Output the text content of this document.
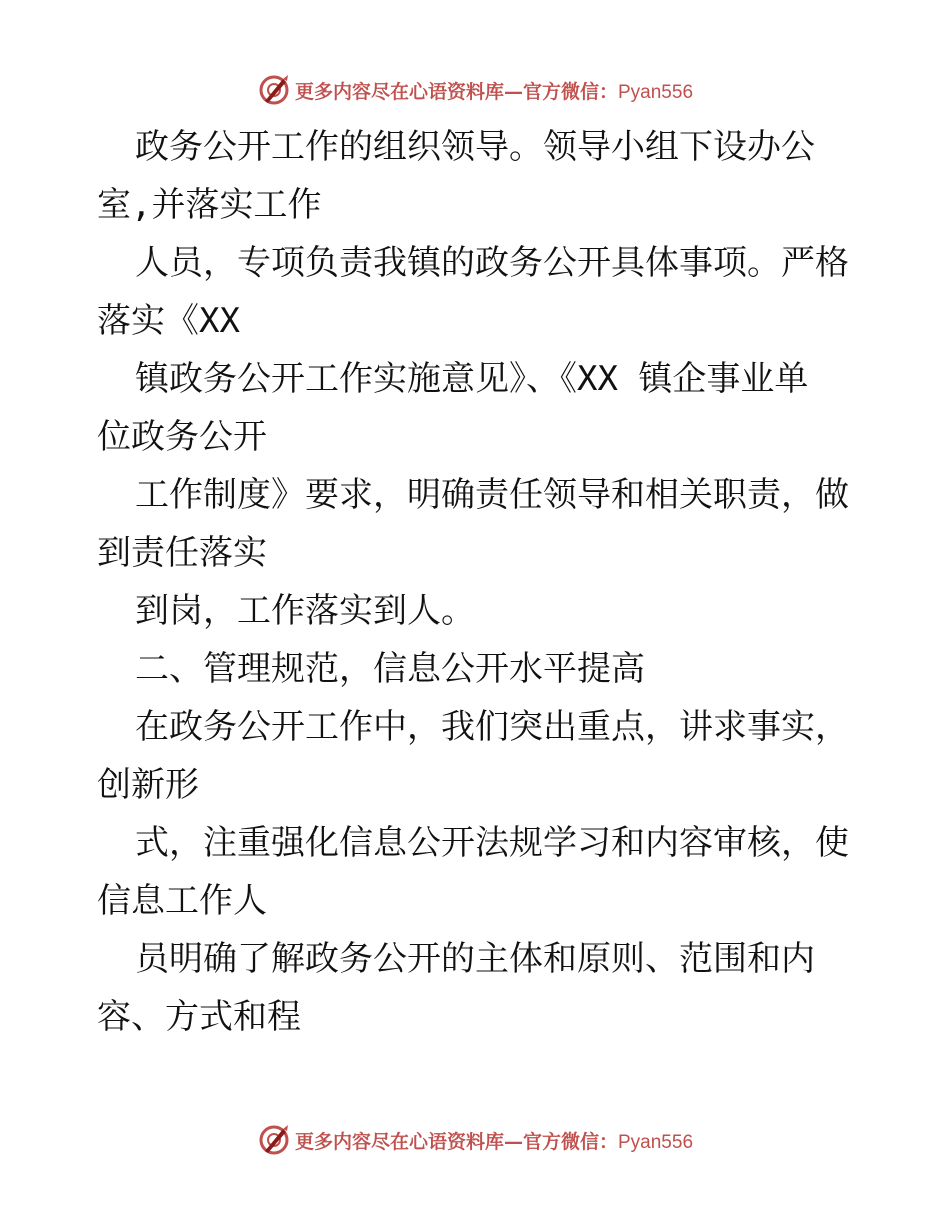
更多内容尽在心语资料库—官方微信：Pyan556
政务公开工作的组织领导。领导小组下设办公
室,并落实工作
人员，专项负责我镇的政务公开具体事项。严格
落实《XX
镇政务公开工作实施意见》、《XX 镇企事业单
位政务公开
工作制度》要求，明确责任领导和相关职责，做
到责任落实
到岗，工作落实到人。
二、管理规范，信息公开水平提高
在政务公开工作中，我们突出重点，讲求事实，
创新形
式，注重强化信息公开法规学习和内容审核，使
信息工作人
员明确了解政务公开的主体和原则、范围和内
容、方式和程
更多内容尽在心语资料库—官方微信：Pyan556
